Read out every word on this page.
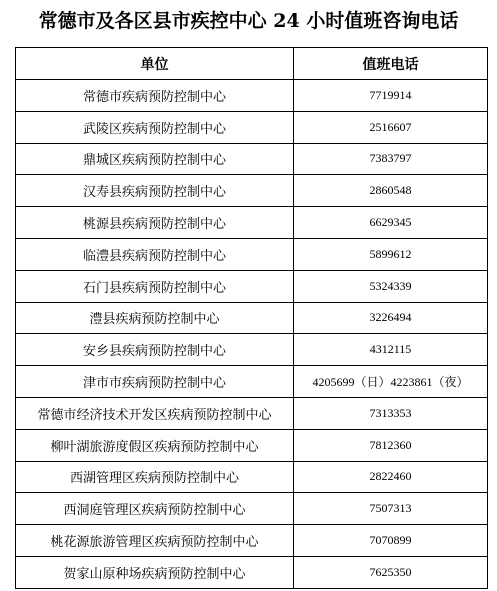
常德市及各区县市疾控中心 24 小时值班咨询电话
单位	值班电话
常德市疾病预防控制中心	7719914
武陵区疾病预防控制中心	2516607
鼎城区疾病预防控制中心	7383797
汉寿县疾病预防控制中心	2860548
桃源县疾病预防控制中心	6629345
临澧县疾病预防控制中心	5899612
石门县疾病预防控制中心	5324339
澧县疾病预防控制中心	3226494
安乡县疾病预防控制中心	4312115
津市市疾病预防控制中心	4205699（日）4223861（夜）
常德市经济技术开发区疾病预防控制中心	7313353
柳叶湖旅游度假区疾病预防控制中心	7812360
西湖管理区疾病预防控制中心	2822460
西洞庭管理区疾病预防控制中心	7507313
桃花源旅游管理区疾病预防控制中心	7070899
贺家山原种场疾病预防控制中心	7625350
